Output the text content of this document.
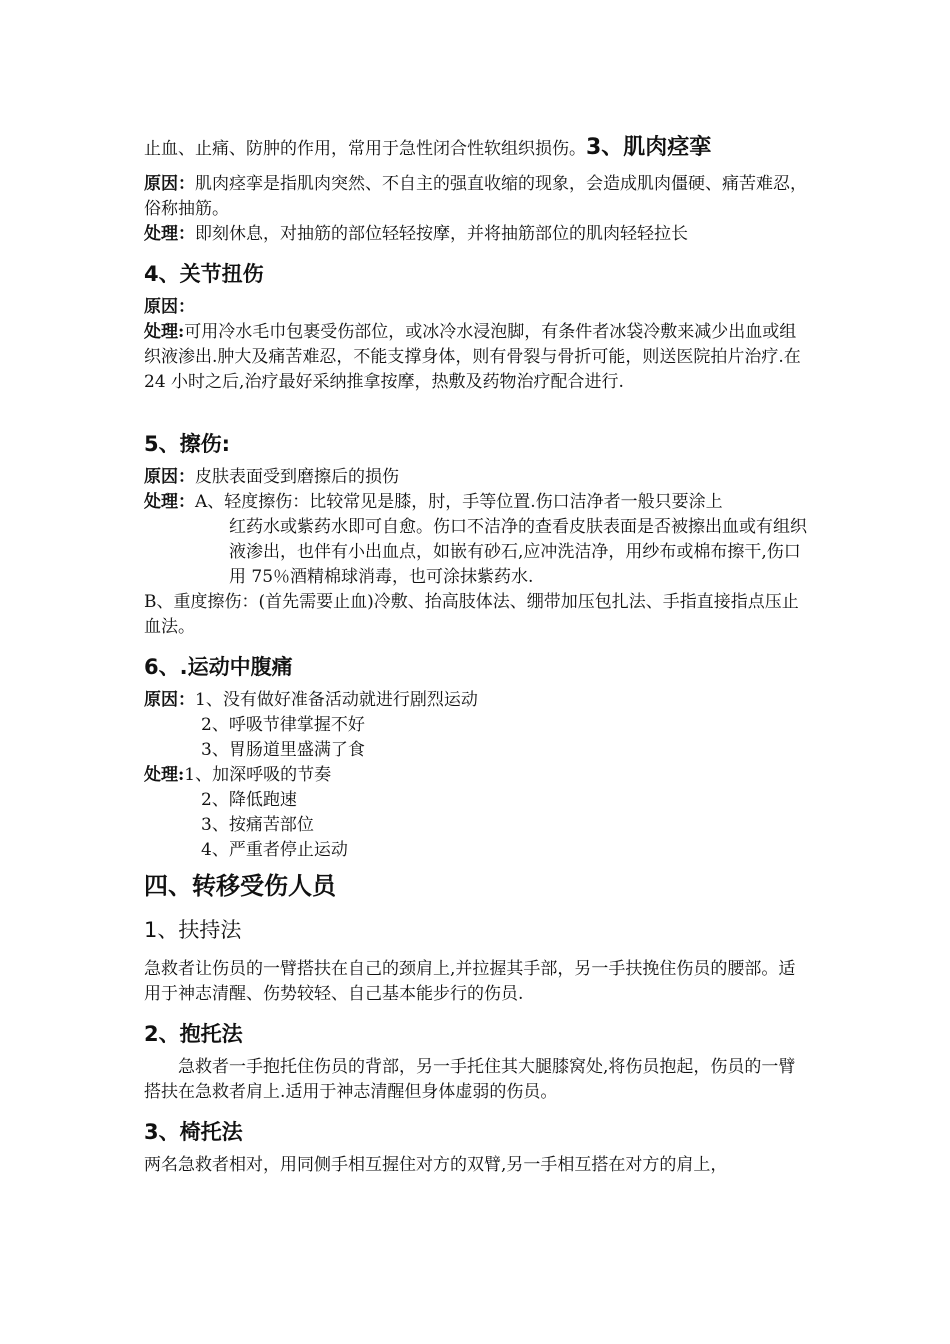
止血、止痛、防肿的作用，常用于急性闭合性软组织损伤。3、肌肉痉挛

原因：肌肉痉挛是指肌肉突然、不自主的强直收缩的现象，会造成肌肉僵硬、痛苦难忍，俗称抽筋。

处理：即刻休息，对抽筋的部位轻轻按摩，并将抽筋部位的肌肉轻轻拉长

4、关节扭伤

原因：

处理:可用冷水毛巾包裹受伤部位，或冰冷水浸泡脚，有条件者冰袋冷敷来减少出血或组织液渗出.肿大及痛苦难忍，不能支撑身体，则有骨裂与骨折可能，则送医院拍片治疗.在 24 小时之后,治疗最好采纳推拿按摩，热敷及药物治疗配合进行.

5、擦伤:

原因：皮肤表面受到磨擦后的损伤

处理：A、轻度擦伤：比较常见是膝，肘，手等位置.伤口洁净者一般只要涂上
红药水或紫药水即可自愈。伤口不洁净的查看皮肤表面是否被擦出血或有组织液渗出，也伴有小出血点，如嵌有砂石,应冲洗洁净，用纱布或棉布擦干,伤口用 75％酒精棉球消毒，也可涂抹紫药水.

B、重度擦伤：(首先需要止血)冷敷、抬高肢体法、绷带加压包扎法、手指直接指点压止血法。

6、.运动中腹痛

原因：1、没有做好准备活动就进行剧烈运动
2、呼吸节律掌握不好
3、胃肠道里盛满了食
处理:1、加深呼吸的节奏
2、降低跑速
3、按痛苦部位
4、严重者停止运动

四、转移受伤人员

1、扶持法

急救者让伤员的一臂搭扶在自己的颈肩上,并拉握其手部，另一手扶挽住伤员的腰部。适用于神志清醒、伤势较轻、自己基本能步行的伤员.

2、抱托法

急救者一手抱托住伤员的背部，另一手托住其大腿膝窝处,将伤员抱起，伤员的一臂搭扶在急救者肩上.适用于神志清醒但身体虚弱的伤员。

3、椅托法

两名急救者相对，用同侧手相互握住对方的双臂,另一手相互搭在对方的肩上，
